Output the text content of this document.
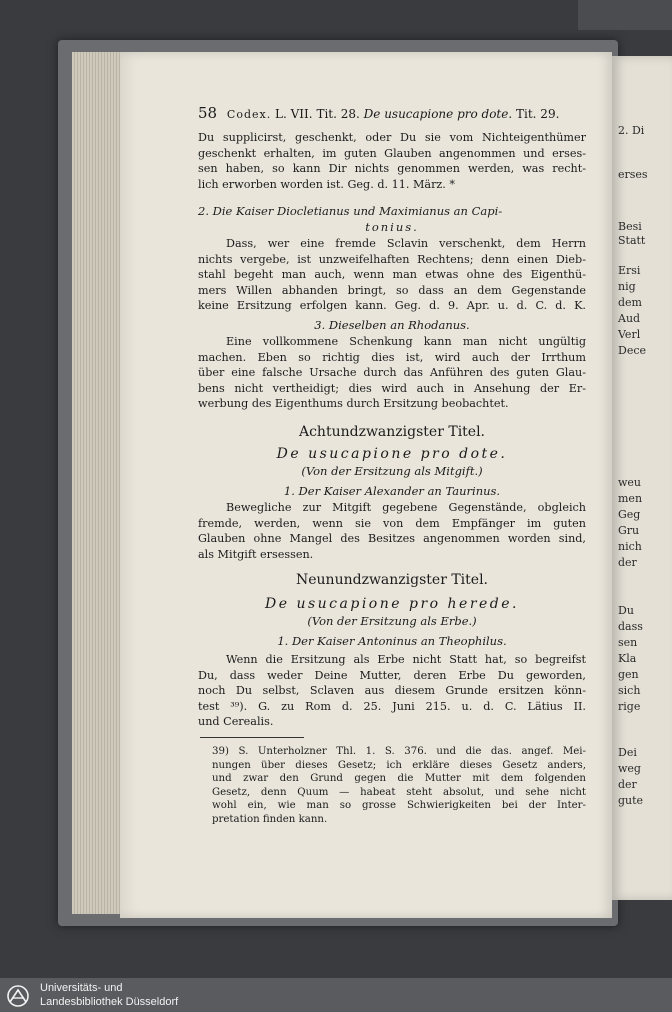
2. Di
erses
Besi
Statt
Ersi
nig
dem
Aud
Verl
Dece
weu
men
Geg
Gru
nich
der
Du
dass
sen
Kla
gen
sich
rige
Dei
weg
der
gute
58 Codex. L. VII. Tit. 28. De usucapione pro dote. Tit. 29.
Du supplicirst, geschenkt, oder Du sie vom Nichteigenthümer
geschenkt erhalten, im guten Glauben angenommen und erses-
sen haben, so kann Dir nichts genommen werden, was recht-
lich erworben worden ist. Geg. d. 11. März. *
2. Die Kaiser Diocletianus und Maximianus an Capi-
tonius.
Dass, wer eine fremde Sclavin verschenkt, dem Herrn
nichts vergebe, ist unzweifelhaften Rechtens; denn einen Dieb-
stahl begeht man auch, wenn man etwas ohne des Eigenthü-
mers Willen abhanden bringt, so dass an dem Gegenstande
keine Ersitzung erfolgen kann. Geg. d. 9. Apr. u. d. C. d. K.
3. Dieselben an Rhodanus.
Eine vollkommene Schenkung kann man nicht ungültig
machen. Eben so richtig dies ist, wird auch der Irrthum
über eine falsche Ursache durch das Anführen des guten Glau-
bens nicht vertheidigt; dies wird auch in Ansehung der Er-
werbung des Eigenthums durch Ersitzung beobachtet.
Achtundzwanzigster Titel.
De usucapione pro dote.
(Von der Ersitzung als Mitgift.)
1. Der Kaiser Alexander an Taurinus.
Bewegliche zur Mitgift gegebene Gegenstände, obgleich
fremde, werden, wenn sie von dem Empfänger im guten
Glauben ohne Mangel des Besitzes angenommen worden sind,
als Mitgift ersessen.
Neunundzwanzigster Titel.
De usucapione pro herede.
(Von der Ersitzung als Erbe.)
1. Der Kaiser Antoninus an Theophilus.
Wenn die Ersitzung als Erbe nicht Statt hat, so begreifst
Du, dass weder Deine Mutter, deren Erbe Du geworden,
noch Du selbst, Sclaven aus diesem Grunde ersitzen könn-
test ³⁹). G. zu Rom d. 25. Juni 215. u. d. C. Lätius II.
und Cerealis.
39) S. Unterholzner Thl. 1. S. 376. und die das. angef. Mei-
nungen über dieses Gesetz; ich erkläre dieses Gesetz anders,
und zwar den Grund gegen die Mutter mit dem folgenden
Gesetz, denn Quum — habeat steht absolut, und sehe nicht
wohl ein, wie man so grosse Schwierigkeiten bei der Inter-
pretation finden kann.
Universitäts- und
Landesbibliothek Düsseldorf
